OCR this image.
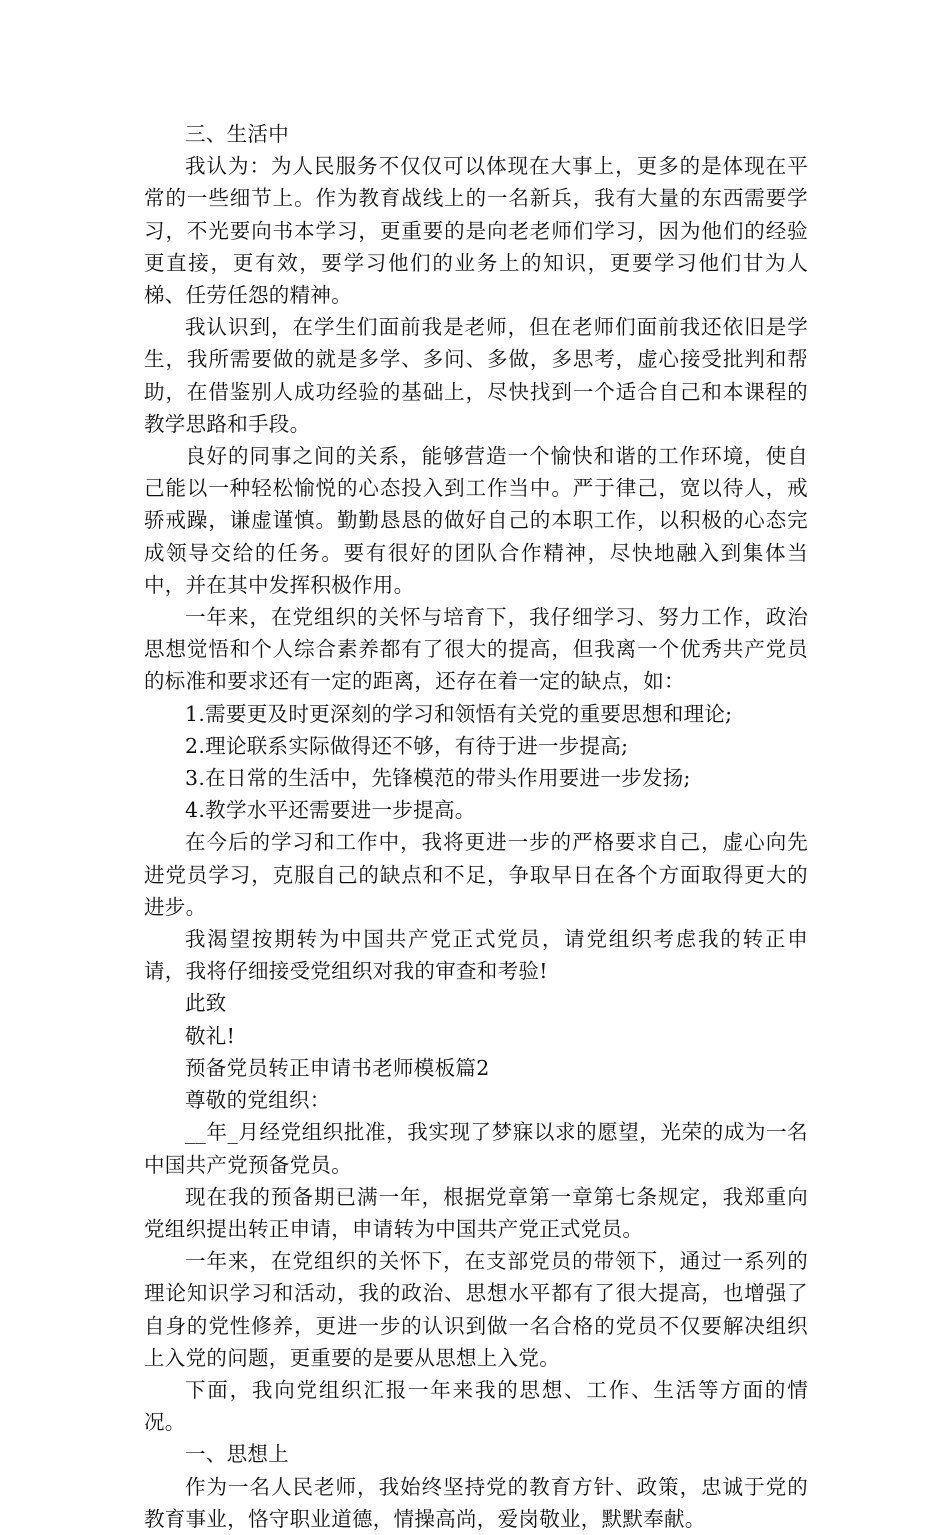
三、生活中

我认为：为人民服务不仅仅可以体现在大事上，更多的是体现在平常的一些细节上。作为教育战线上的一名新兵，我有大量的东西需要学习，不光要向书本学习，更重要的是向老老师们学习，因为他们的经验更直接，更有效，要学习他们的业务上的知识，更要学习他们甘为人梯、任劳任怨的精神。

我认识到，在学生们面前我是老师，但在老师们面前我还依旧是学生，我所需要做的就是多学、多问、多做，多思考，虚心接受批判和帮助，在借鉴别人成功经验的基础上，尽快找到一个适合自己和本课程的教学思路和手段。

良好的同事之间的关系，能够营造一个愉快和谐的工作环境，使自己能以一种轻松愉悦的心态投入到工作当中。严于律己，宽以待人，戒骄戒躁，谦虚谨慎。勤勤恳恳的做好自己的本职工作，以积极的心态完成领导交给的任务。要有很好的团队合作精神，尽快地融入到集体当中，并在其中发挥积极作用。

一年来，在党组织的关怀与培育下，我仔细学习、努力工作，政治思想觉悟和个人综合素养都有了很大的提高，但我离一个优秀共产党员的标准和要求还有一定的距离，还存在着一定的缺点，如：

1.需要更及时更深刻的学习和领悟有关党的重要思想和理论;

2.理论联系实际做得还不够，有待于进一步提高;

3.在日常的生活中，先锋模范的带头作用要进一步发扬;

4.教学水平还需要进一步提高。

在今后的学习和工作中，我将更进一步的严格要求自己，虚心向先进党员学习，克服自己的缺点和不足，争取早日在各个方面取得更大的进步。

我渴望按期转为中国共产党正式党员，请党组织考虑我的转正申请，我将仔细接受党组织对我的审查和考验!

此致

敬礼!

预备党员转正申请书老师模板篇2

尊敬的党组织：

__年_月经党组织批准，我实现了梦寐以求的愿望，光荣的成为一名中国共产党预备党员。

现在我的预备期已满一年，根据党章第一章第七条规定，我郑重向党组织提出转正申请，申请转为中国共产党正式党员。

一年来，在党组织的关怀下，在支部党员的带领下，通过一系列的理论知识学习和活动，我的政治、思想水平都有了很大提高，也增强了自身的党性修养，更进一步的认识到做一名合格的党员不仅要解决组织上入党的问题，更重要的是要从思想上入党。

下面，我向党组织汇报一年来我的思想、工作、生活等方面的情况。

一、思想上

作为一名人民老师，我始终坚持党的教育方针、政策，忠诚于党的教育事业，恪守职业道德，情操高尚，爱岗敬业，默默奉献。
